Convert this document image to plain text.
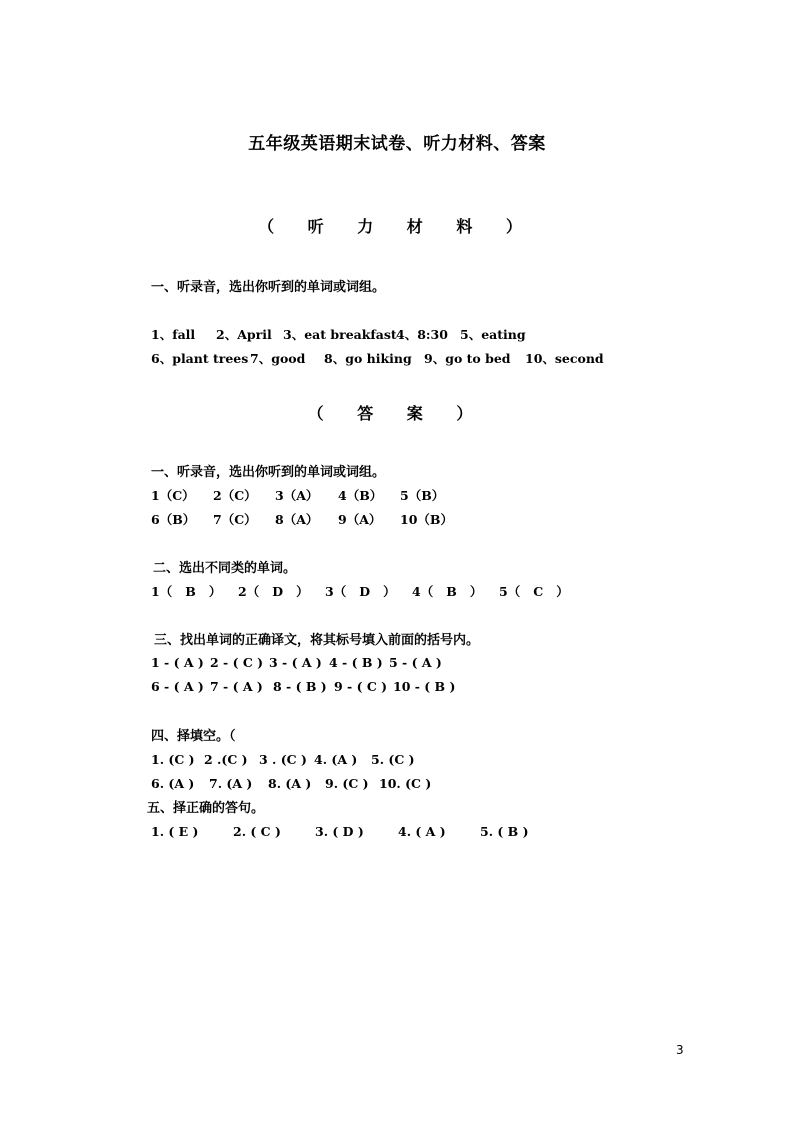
五年级英语期末试卷、听力材料、答案
（ 听 力 材 料 ）
一、听录音，选出你听到的单词或词组。
1、fall 2、April 3、eat breakfast 4、8:30 5、eating
6、plant trees 7、good 8、go hiking 9、go to bed 10、second
（ 答 案 ）
一、听录音，选出你听到的单词或词组。
1（C） 2（C） 3（A） 4（B） 5（B）
6（B） 7（C） 8（A） 9（A） 10（B）
二、选出不同类的单词。
1（   B   ） 2（   D   ） 3（   D   ） 4（   B   ） 5（   C   ）
三、找出单词的正确译文，将其标号填入前面的括号内。
1 - ( A ) 2 - ( C ) 3 - ( A ) 4 - ( B ) 5 - ( A )
6 - ( A ) 7 - ( A ) 8 - ( B ) 9 - ( C ) 10 - ( B )
四、择填空。（
1. (C ) 2 .(C ) 3 . (C ) 4. (A ) 5. (C )
6. (A ) 7. (A ) 8. (A ) 9. (C ) 10. (C )
五、择正确的答句。
1. ( E )	2. ( C )	3. ( D )	4. ( A )	5. ( B )
3
